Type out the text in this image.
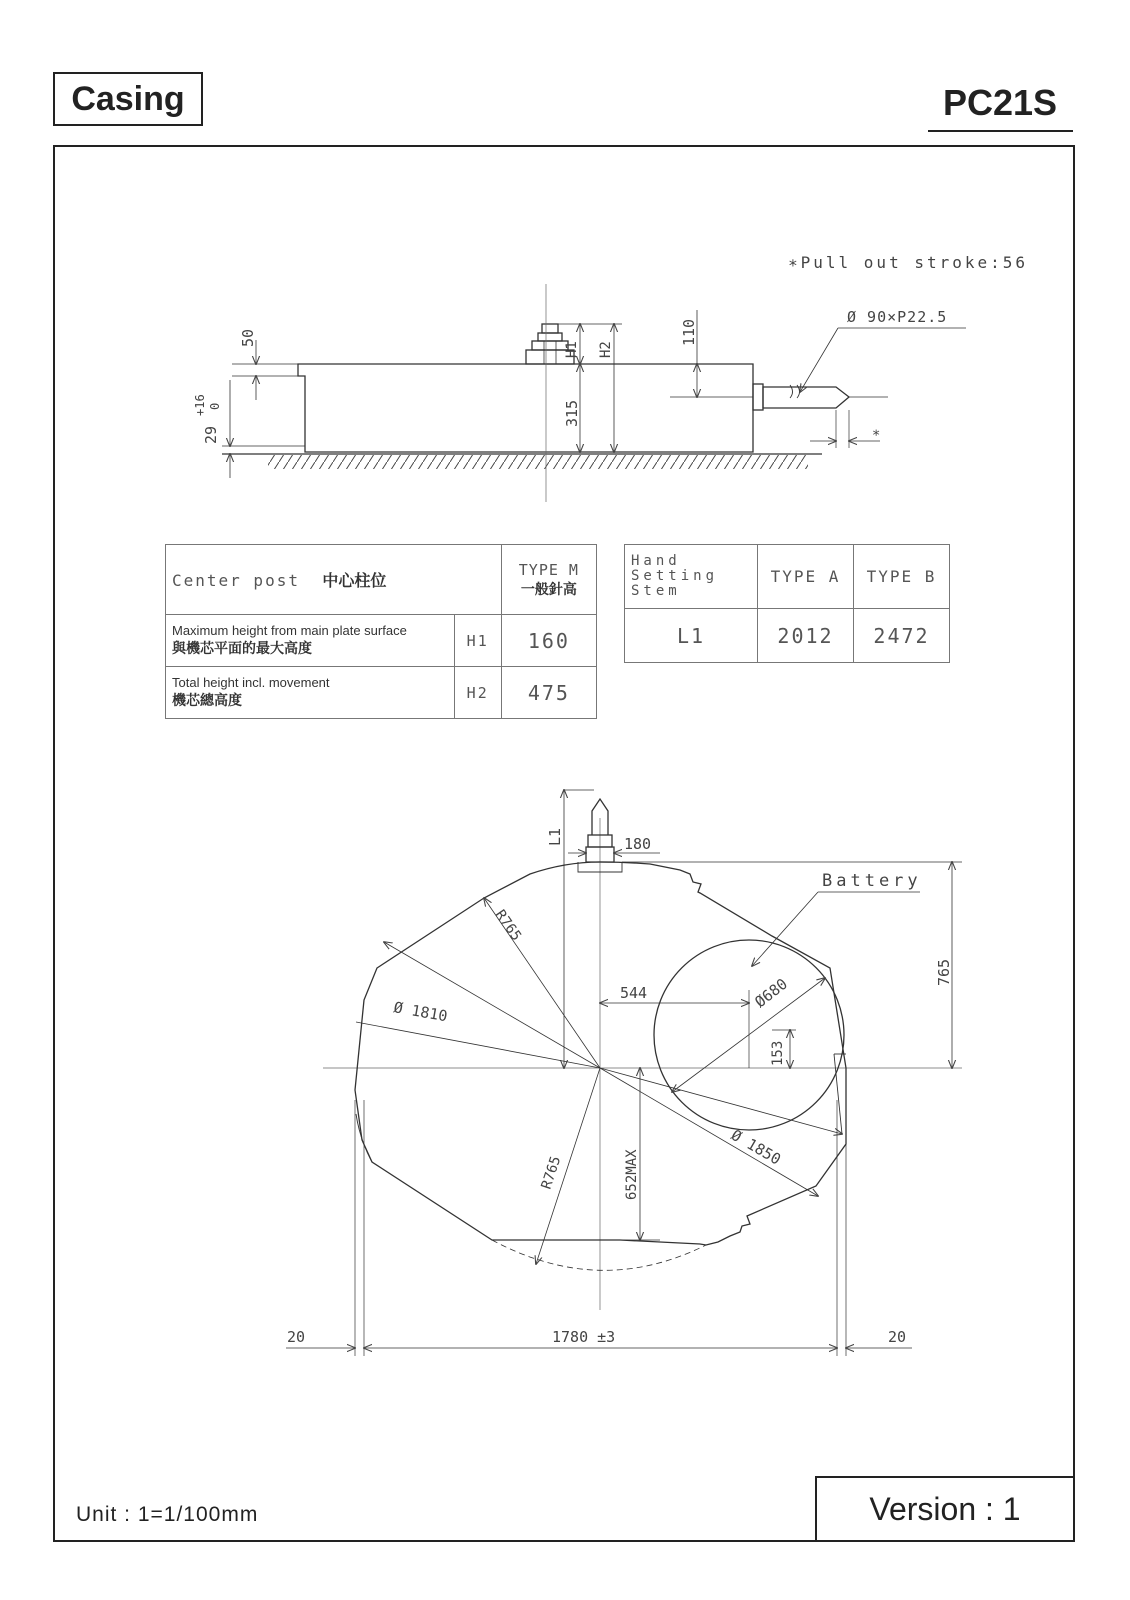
Casing	PC21S
∗Pull out stroke:56
50
29
+16 0
H1 H2
315
110
Ø 90×P22.5
∗
L1	180
765
Battery
R765
Ø 1810
544	Ø680
153
652MAX
R765
Ø 1850
1780 ±3
20	20
Center post 中心柱位		TYPE M
一般針高

Maximum height from main plate surface
與機芯平面的最大高度	H1	160

Total height incl. movement
機芯總高度	H2	475
Hand
Setting
Stem	TYPE A	TYPE B
L1	2012	2472
Unit : 1=1/100mm	Version : 1
